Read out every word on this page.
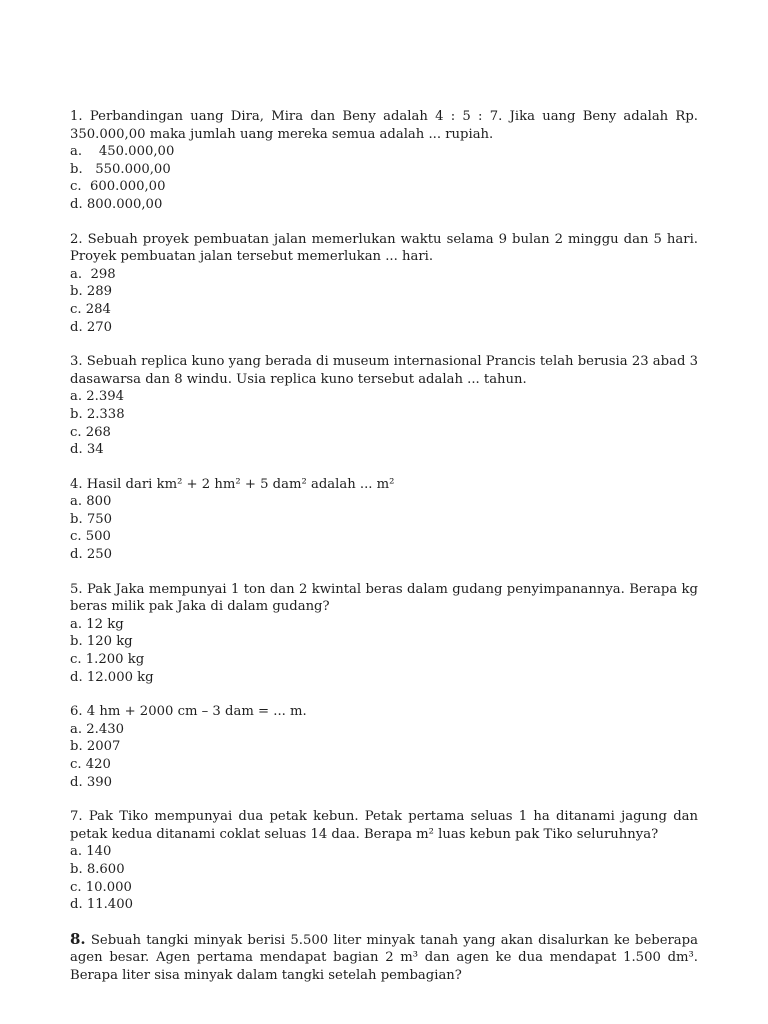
1. Perbandingan uang Dira, Mira dan Beny adalah 4 : 5 : 7. Jika uang Beny adalah Rp. 350.000,00 maka jumlah uang mereka semua adalah ... rupiah.
a.    450.000,00
b.   550.000,00
c.  600.000,00
d. 800.000,00
2. Sebuah proyek pembuatan jalan memerlukan waktu selama 9 bulan 2 minggu dan 5 hari. Proyek pembuatan jalan tersebut memerlukan ... hari.
a.  298
b. 289
c. 284
d. 270
3. Sebuah replica kuno yang berada di museum internasional Prancis telah berusia 23 abad 3 dasawarsa dan 8 windu. Usia replica kuno tersebut adalah ... tahun.
a. 2.394
b. 2.338
c. 268
d. 34
4. Hasil dari km² + 2 hm² + 5 dam² adalah ... m²
a. 800
b. 750
c. 500
d. 250
5. Pak Jaka mempunyai 1 ton dan 2 kwintal beras dalam gudang penyimpanannya. Berapa kg beras milik pak Jaka di dalam gudang?
a. 12 kg
b. 120 kg
c. 1.200 kg
d. 12.000 kg
6. 4 hm + 2000 cm – 3 dam = ... m.
a. 2.430
b. 2007
c. 420
d. 390
7. Pak Tiko mempunyai dua petak kebun. Petak pertama seluas 1 ha ditanami jagung dan petak kedua ditanami coklat seluas 14 daa. Berapa m² luas kebun pak Tiko seluruhnya?
a. 140
b. 8.600
c. 10.000
d. 11.400
8. Sebuah tangki minyak berisi 5.500 liter minyak tanah yang akan disalurkan ke beberapa agen besar. Agen pertama mendapat bagian 2 m³ dan agen ke dua mendapat 1.500 dm³. Berapa liter sisa minyak dalam tangki setelah pembagian?
